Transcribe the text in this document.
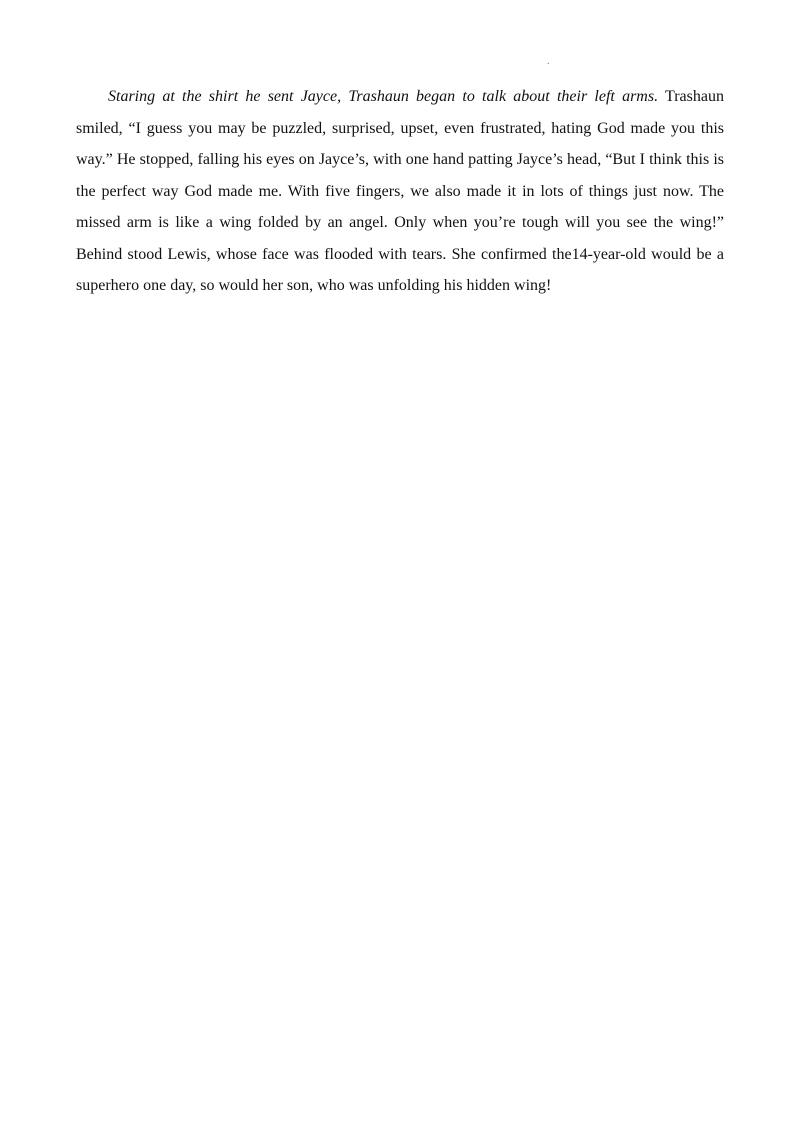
.

Staring at the shirt he sent Jayce, Trashaun began to talk about their left arms. Trashaun smiled, “I guess you may be puzzled, surprised, upset, even frustrated, hating God made you this way.” He stopped, falling his eyes on Jayce’s, with one hand patting Jayce’s head, “But I think this is the perfect way God made me. With five fingers, we also made it in lots of things just now. The missed arm is like a wing folded by an angel. Only when you’re tough will you see the wing!” Behind stood Lewis, whose face was flooded with tears. She confirmed the14-year-old would be a superhero one day, so would her son, who was unfolding his hidden wing!
